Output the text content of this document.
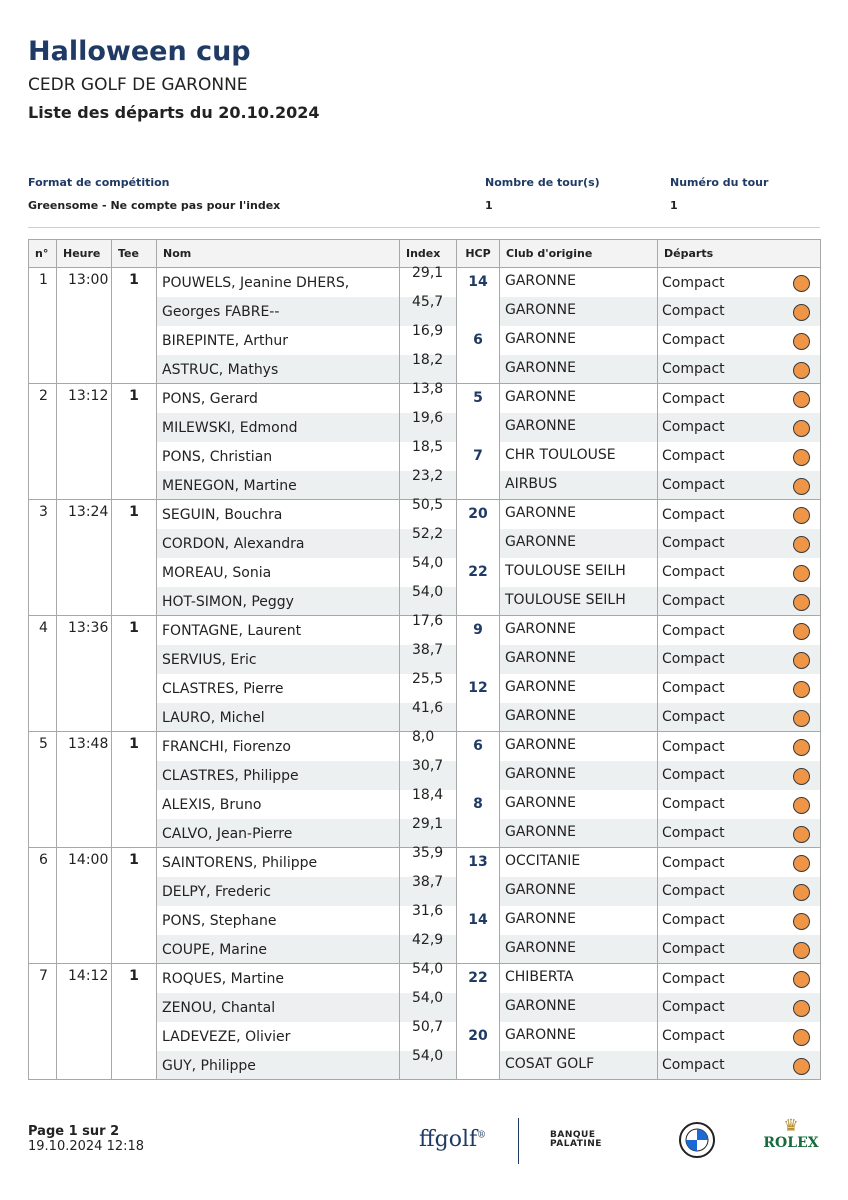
Halloween cup
CEDR GOLF DE GARONNE
Liste des départs du 20.10.2024
Format de compétition	Nombre de tour(s)	Numéro du tour
Greensome - Ne compte pas pour l'index	1	1
n°	Heure	Tee	Nom	Index	HCP	Club d'origine	Départs

1	13:00	1	POUWELS, Jeanine DHERS,	29,1	14	GARONNE	Compact

			Georges FABRE--	45,7		GARONNE	Compact

			BIREPINTE, Arthur	16,9	6	GARONNE	Compact

			ASTRUC, Mathys	18,2		GARONNE	Compact

2	13:12	1	PONS, Gerard	13,8	5	GARONNE	Compact

			MILEWSKI, Edmond	19,6		GARONNE	Compact

			PONS, Christian	18,5	7	CHR TOULOUSE	Compact

			MENEGON, Martine	23,2		AIRBUS	Compact

3	13:24	1	SEGUIN, Bouchra	50,5	20	GARONNE	Compact

			CORDON, Alexandra	52,2		GARONNE	Compact

			MOREAU, Sonia	54,0	22	TOULOUSE SEILH	Compact

			HOT-SIMON, Peggy	54,0		TOULOUSE SEILH	Compact

4	13:36	1	FONTAGNE, Laurent	17,6	9	GARONNE	Compact

			SERVIUS, Eric	38,7		GARONNE	Compact

			CLASTRES, Pierre	25,5	12	GARONNE	Compact

			LAURO, Michel	41,6		GARONNE	Compact

5	13:48	1	FRANCHI, Fiorenzo	8,0	6	GARONNE	Compact

			CLASTRES, Philippe	30,7		GARONNE	Compact

			ALEXIS, Bruno	18,4	8	GARONNE	Compact

			CALVO, Jean-Pierre	29,1		GARONNE	Compact

6	14:00	1	SAINTORENS, Philippe	35,9	13	OCCITANIE	Compact

			DELPY, Frederic	38,7		GARONNE	Compact

			PONS, Stephane	31,6	14	GARONNE	Compact

			COUPE, Marine	42,9		GARONNE	Compact

7	14:12	1	ROQUES, Martine	54,0	22	CHIBERTA	Compact

			ZENOU, Chantal	54,0		GARONNE	Compact

			LADEVEZE, Olivier	50,7	20	GARONNE	Compact

			GUY, Philippe	54,0		COSAT GOLF	Compact
Page 1 sur 2
19.10.2024 12:18	ffgolf®	BANQUE
PALATINE
♛
ROLEX
